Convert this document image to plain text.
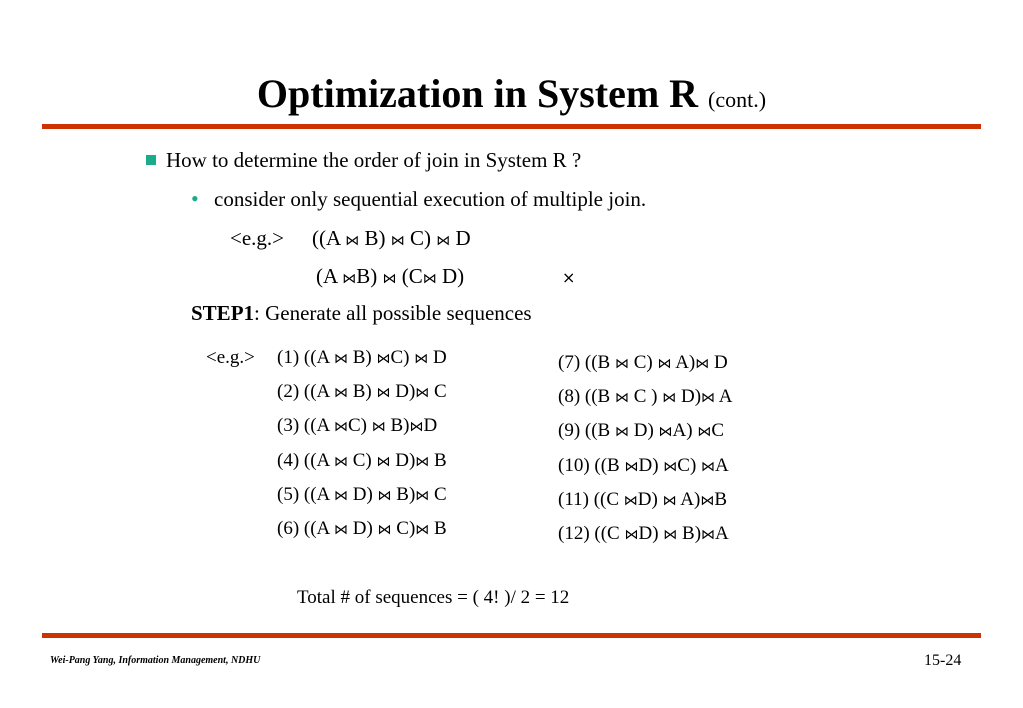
Optimization in System R (cont.)
How to determine the order of join in System R ?
• consider only sequential execution of multiple join.
<e.g.> ((A ⋈ B) ⋈ C) ⋈ D
(A ⋈B) ⋈ (C⋈ D)	×
STEP1: Generate all possible sequences
<e.g.> (1) ((A ⋈ B) ⋈C) ⋈ D
(2) ((A ⋈ B) ⋈ D)⋈ C
(3) ((A ⋈C) ⋈ B)⋈D
(4) ((A ⋈ C) ⋈ D)⋈ B
(5) ((A ⋈ D) ⋈ B)⋈ C
(6) ((A ⋈ D) ⋈ C)⋈ B
(7) ((B ⋈ C) ⋈ A)⋈ D
(8) ((B ⋈ C ) ⋈ D)⋈ A
(9) ((B ⋈ D) ⋈A) ⋈C
(10) ((B ⋈D) ⋈C) ⋈A
(11) ((C ⋈D) ⋈ A)⋈B
(12) ((C ⋈D) ⋈ B)⋈A
Total # of sequences = ( 4! )/ 2 = 12
Wei-Pang Yang, Information Management, NDHU	15-24
